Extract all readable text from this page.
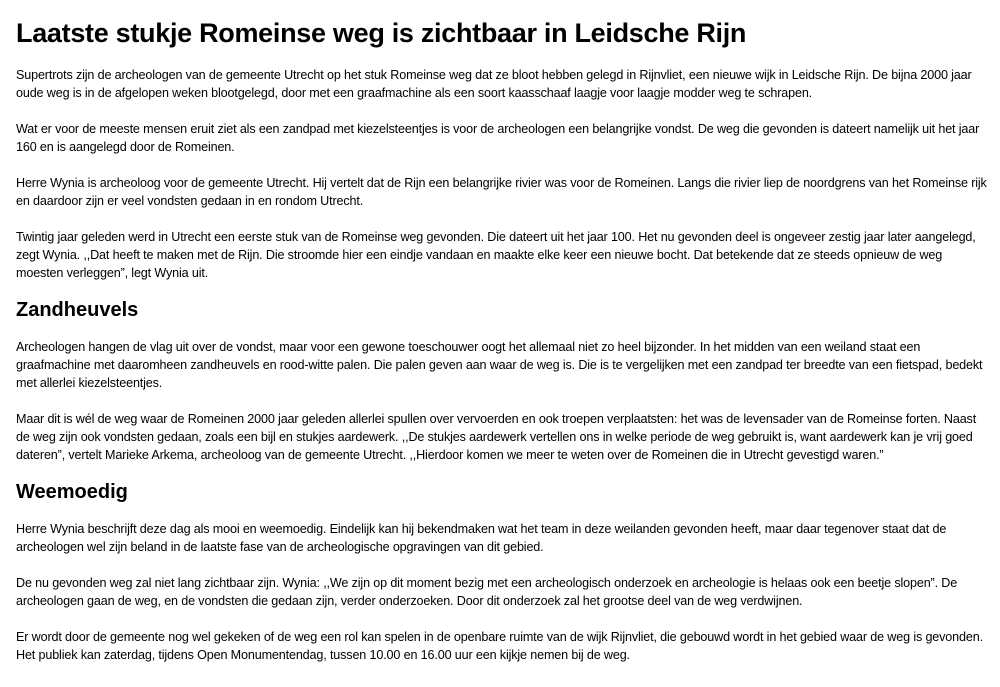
Laatste stukje Romeinse weg is zichtbaar in Leidsche Rijn

Supertrots zijn de archeologen van de gemeente Utrecht op het stuk Romeinse weg dat ze bloot hebben gelegd in Rijnvliet, een nieuwe wijk in Leidsche Rijn. De bijna 2000 jaar oude weg is in de afgelopen weken blootgelegd, door met een graafmachine als een soort kaasschaaf laagje voor laagje modder weg te schrapen.

Wat er voor de meeste mensen eruit ziet als een zandpad met kiezelsteentjes is voor de archeologen een belangrijke vondst. De weg die gevonden is dateert namelijk uit het jaar 160 en is aangelegd door de Romeinen.

Herre Wynia is archeoloog voor de gemeente Utrecht. Hij vertelt dat de Rijn een belangrijke rivier was voor de Romeinen. Langs die rivier liep de noordgrens van het Romeinse rijk en daardoor zijn er veel vondsten gedaan in en rondom Utrecht.

Twintig jaar geleden werd in Utrecht een eerste stuk van de Romeinse weg gevonden. Die dateert uit het jaar 100. Het nu gevonden deel is ongeveer zestig jaar later aangelegd, zegt Wynia. ,,Dat heeft te maken met de Rijn. Die stroomde hier een eindje vandaan en maakte elke keer een nieuwe bocht. Dat betekende dat ze steeds opnieuw de weg moesten verleggen”, legt Wynia uit.

Zandheuvels

Archeologen hangen de vlag uit over de vondst, maar voor een gewone toeschouwer oogt het allemaal niet zo heel bijzonder. In het midden van een weiland staat een graafmachine met daaromheen zandheuvels en rood-witte palen. Die palen geven aan waar de weg is. Die is te vergelijken met een zandpad ter breedte van een fietspad, bedekt met allerlei kiezelsteentjes.

Maar dit is wél de weg waar de Romeinen 2000 jaar geleden allerlei spullen over vervoerden en ook troepen verplaatsten: het was de levensader van de Romeinse forten. Naast de weg zijn ook vondsten gedaan, zoals een bijl en stukjes aardewerk. ,,De stukjes aardewerk vertellen ons in welke periode de weg gebruikt is, want aardewerk kan je vrij goed dateren”, vertelt Marieke Arkema, archeoloog van de gemeente Utrecht. ,,Hierdoor komen we meer te weten over de Romeinen die in Utrecht gevestigd waren.”

Weemoedig

Herre Wynia beschrijft deze dag als mooi en weemoedig. Eindelijk kan hij bekendmaken wat het team in deze weilanden gevonden heeft, maar daar tegenover staat dat de archeologen wel zijn beland in de laatste fase van de archeologische opgravingen van dit gebied.

De nu gevonden weg zal niet lang zichtbaar zijn. Wynia: ,,We zijn op dit moment bezig met een archeologisch onderzoek en archeologie is helaas ook een beetje slopen”. De archeologen gaan de weg, en de vondsten die gedaan zijn, verder onderzoeken. Door dit onderzoek zal het grootse deel van de weg verdwijnen.

Er wordt door de gemeente nog wel gekeken of de weg een rol kan spelen in de openbare ruimte van de wijk Rijnvliet, die gebouwd wordt in het gebied waar de weg is gevonden. Het publiek kan zaterdag, tijdens Open Monumentendag, tussen 10.00 en 16.00 uur een kijkje nemen bij de weg.
